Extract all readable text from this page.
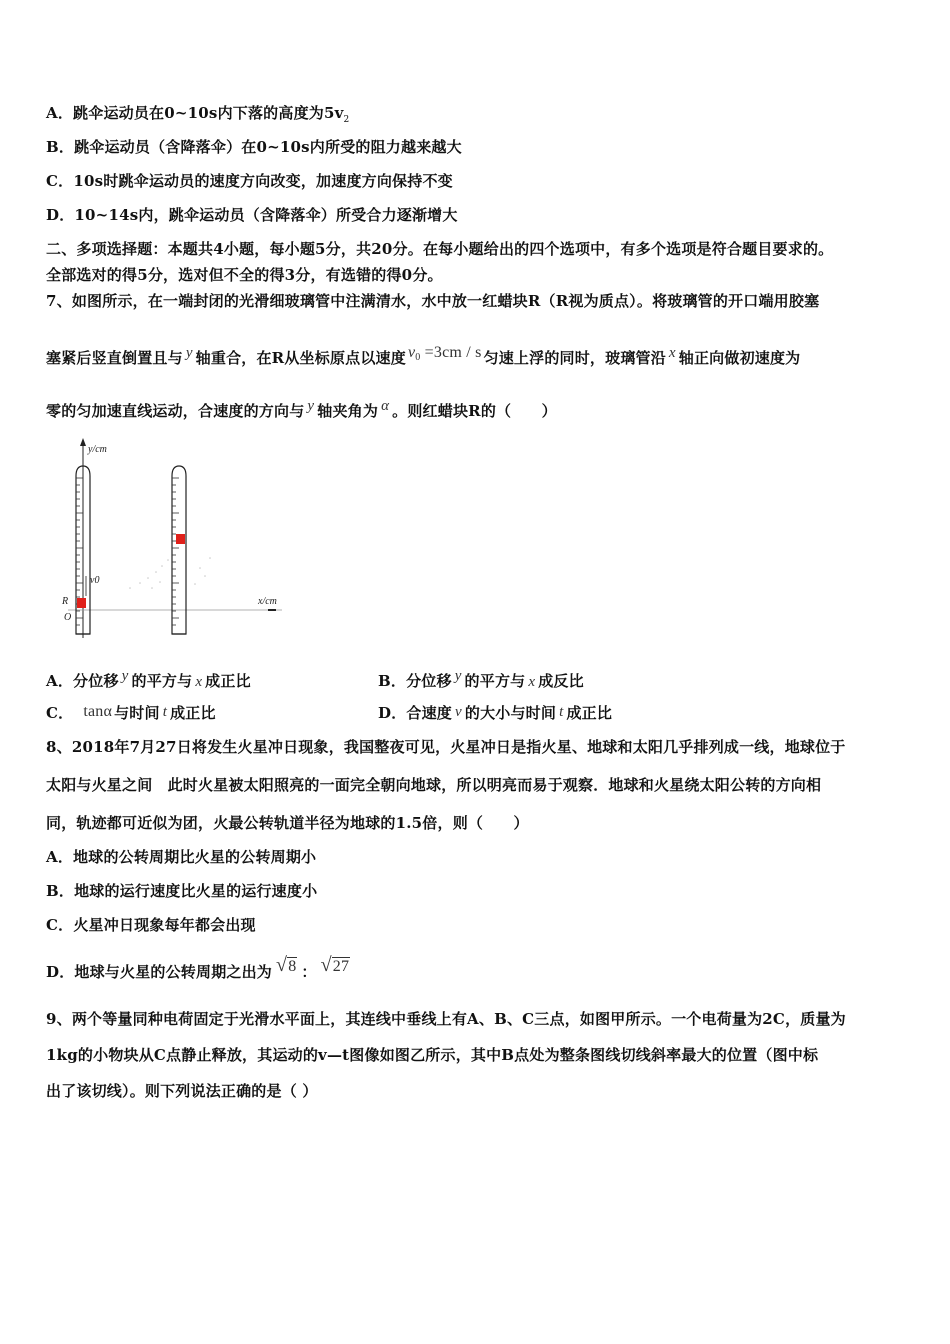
A．跳伞运动员在0~10s内下落的高度为$5v_2$
B．跳伞运动员（含降落伞）在0~10s内所受的阻力越来越大
C．10s时跳伞运动员的速度方向改变，加速度方向保持不变
D．10~14s内，跳伞运动员（含降落伞）所受合力逐渐增大
二、多项选择题：本题共4小题，每小题5分，共20分。在每小题给出的四个选项中，有多个选项是符合题目要求的。
全部选对的得5分，选对但不全的得3分，有选错的得0分。
7、如图所示，在一端封闭的光滑细玻璃管中注满清水，水中放一红蜡块R（R视为质点）。将玻璃管的开口端用胶塞
塞紧后竖直倒置且与 y 轴重合，在R从坐标原点以速度 $v_0 =3cm / s$ 匀速上浮的同时，玻璃管沿 x 轴正向做初速度为
零的匀加速直线运动，合速度的方向与 y 轴夹角为 α 。则红蜡块R的（　　）
y/cm
x/cm
v0
R
O
A．分位移 y 的平方与 x 成正比	B．分位移 y 的平方与 x 成反比
C． tanα 与时间 t 成正比	D．合速度 v 的大小与时间 t 成正比
8、2018年7月27日将发生火星冲日现象，我国整夜可见，火星冲日是指火星、地球和太阳几乎排列成一线，地球位于
太阳与火星之间　此时火星被太阳照亮的一面完全朝向地球，所以明亮而易于观察．地球和火星绕太阳公转的方向相
同，轨迹都可近似为团，火最公转轨道半径为地球的1.5倍，则（　　）
A．地球的公转周期比火星的公转周期小
B．地球的运行速度比火星的运行速度小
C．火星冲日现象每年都会出现
D．地球与火星的公转周期之出为 √8 ： √27
9、两个等量同种电荷固定于光滑水平面上，其连线中垂线上有A、B、C三点，如图甲所示。一个电荷量为2C，质量为
1kg的小物块从C点静止释放，其运动的v—t图像如图乙所示，其中B点处为整条图线切线斜率最大的位置（图中标
出了该切线）。则下列说法正确的是（ ）
